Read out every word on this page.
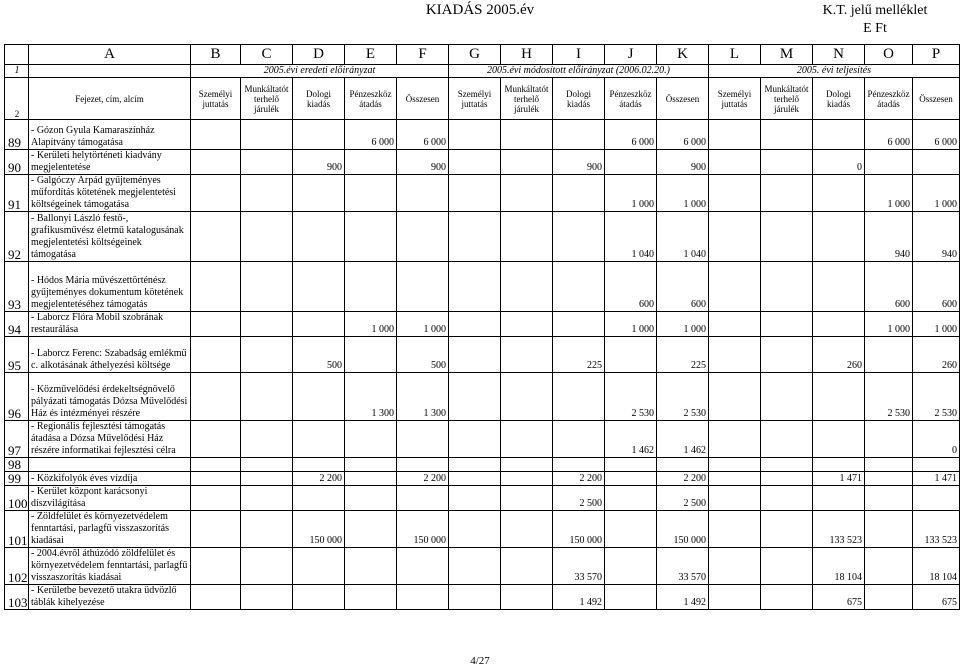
KIADÁS 2005.év	K.T. jelű melléklet
E Ft
	A	B	C	D	E	F	G	H	I	J	K	L	M	N	O	P
1		2005.évi eredeti előirányzat					2005.évi módosított előirányzat (2006.02.20.)					2005. évi teljesítés				
2	Fejezet, cím, alcím	Személyi juttatás	Munkáltatót terhelő járulék	Dologi kiadás	Pénzeszköz átadás	Összesen	Személyi juttatás	Munkáltatót terhelő járulék	Dologi kiadás	Pénzeszköz átadás	Összesen	Személyi juttatás	Munkáltatót terhelő járulék	Dologi kiadás	Pénzeszköz átadás	Összesen
89	- Gózon Gyula Kamaraszínház Alapítvány támogatása				6 000	6 000				6 000	6 000				6 000	6 000
90	- Kerületi helytörténeti kiadvány megjelentetése			900		900			900		900			0		
91	- Galgóczy Árpád gyűjteményes műfordítás kötetének megjelentetési költségeinek támogatása									1 000	1 000				1 000	1 000
92	- Ballonyi László festő-, grafikusművész életmű katalogusának megjelentetési költségeinek támogatása									1 040	1 040				940	940
93	- Hódos Mária művészettörténész gyűjteményes dokumentum kötetének megjelentetéséhez támogatás									600	600				600	600
94	- Laborcz Flóra Mobil szobrának restaurálása				1 000	1 000				1 000	1 000				1 000	1 000
95	- Laborcz Ferenc: Szabadság emlékmű c. alkotásának áthelyezési költsége			500		500			225		225			260		260
96	- Közművelődési érdekeltségnövelő pályázati támogatás Dózsa Művelődési Ház és intézményei részére				1 300	1 300				2 530	2 530				2 530	2 530
97	- Regionális fejlesztési támogatás átadása a Dózsa Művelődési Ház részére informatikai fejlesztési célra									1 462	1 462					0
98																
99	- Közkifolyók éves vízdíja			2 200		2 200			2 200		2 200			1 471		1 471
100	- Kerület központ karácsonyi díszvilágítása								2 500		2 500					
101	- Zöldfelület és környezetvédelem fenntartási, parlagfű visszaszorítás kiadásai			150 000		150 000			150 000		150 000			133 523		133 523
102	- 2004.évről áthúzódó zöldfelület és környezetvédelem fenntartási, parlagfű visszaszorítás kiadásai								33 570		33 570			18 104		18 104
103	- Kerületbe bevezető utakra üdvözlő táblák kihelyezése								1 492		1 492			675		675
4/27
